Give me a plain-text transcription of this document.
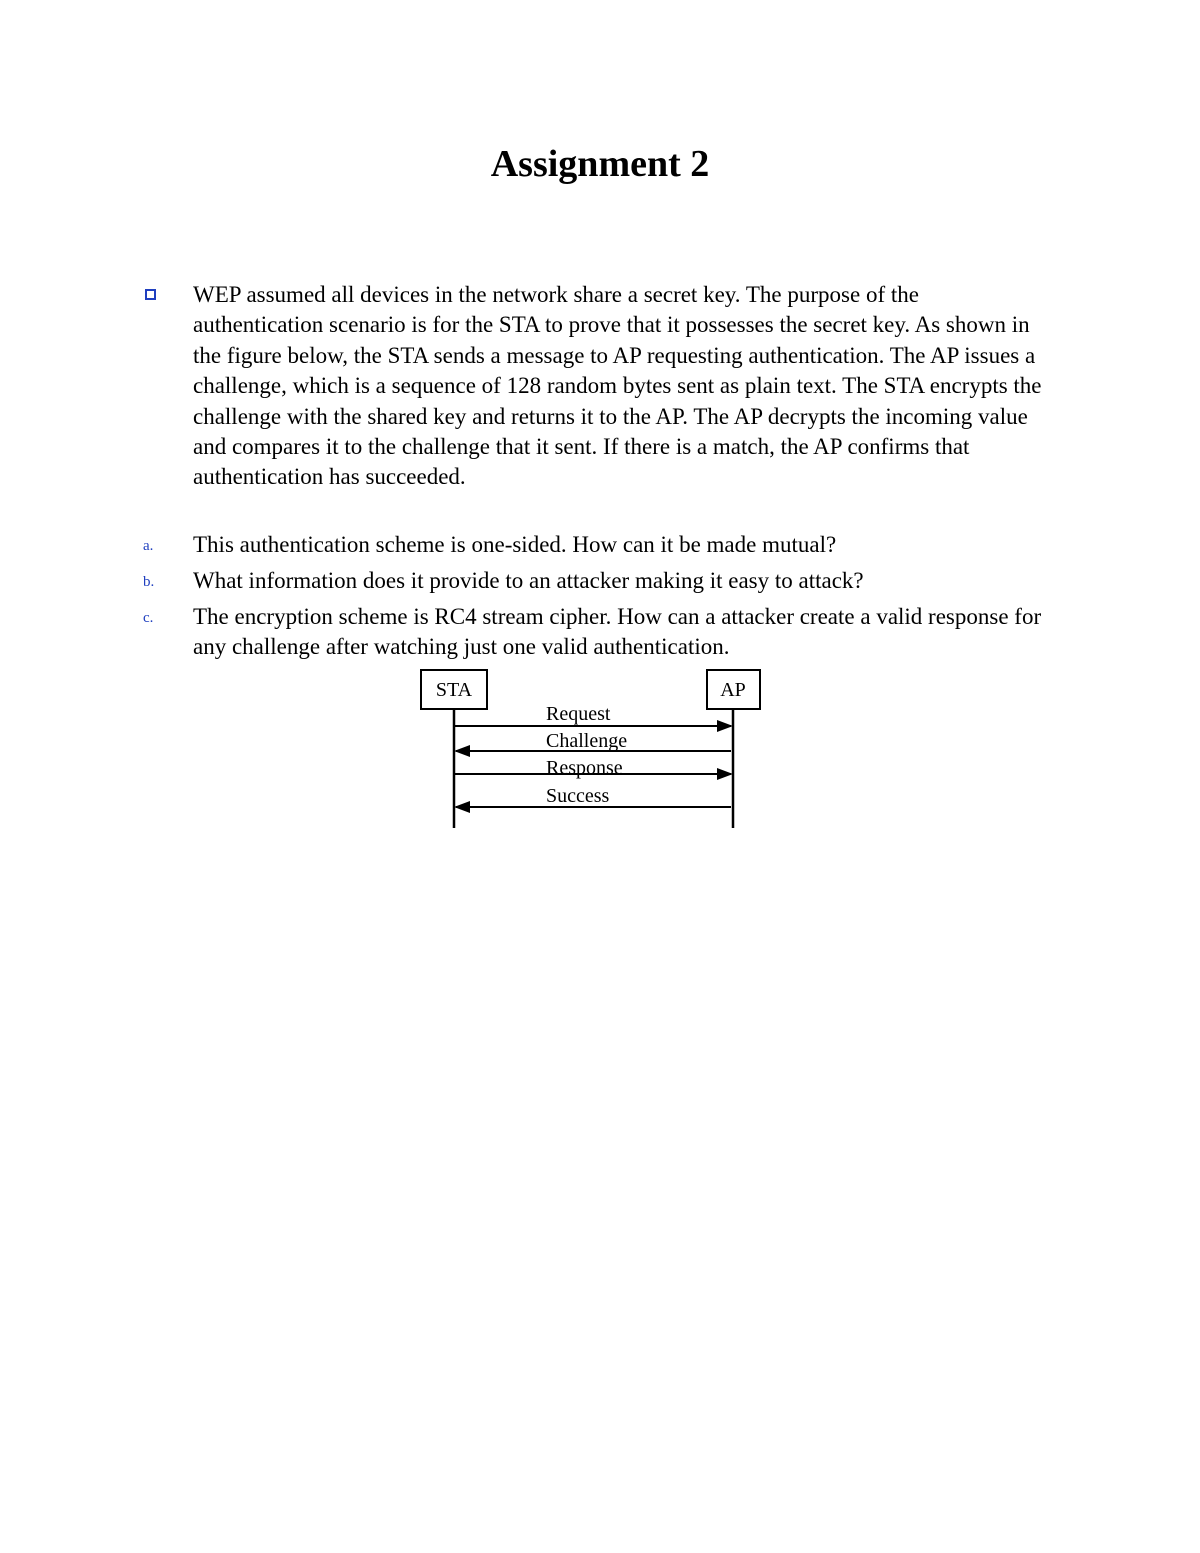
Assignment 2
WEP assumed all devices in the network share a secret key. The purpose of the authentication scenario is for the STA to prove that it possesses the secret key. As shown in the figure below, the STA sends a message to AP requesting authentication. The AP issues a challenge, which is a sequence of 128 random bytes sent as plain text. The STA encrypts the challenge with the shared key and returns it to the AP. The AP decrypts the incoming value and compares it to the challenge that it sent. If there is a match, the AP confirms that authentication has succeeded.
a. This authentication scheme is one-sided. How can it be made mutual?
b. What information does it provide to an attacker making it easy to attack?
c. The encryption scheme is RC4 stream cipher. How can a attacker create a valid response for any challenge after watching just one valid authentication.
STA	AP
Request
Challenge
Response
Success
